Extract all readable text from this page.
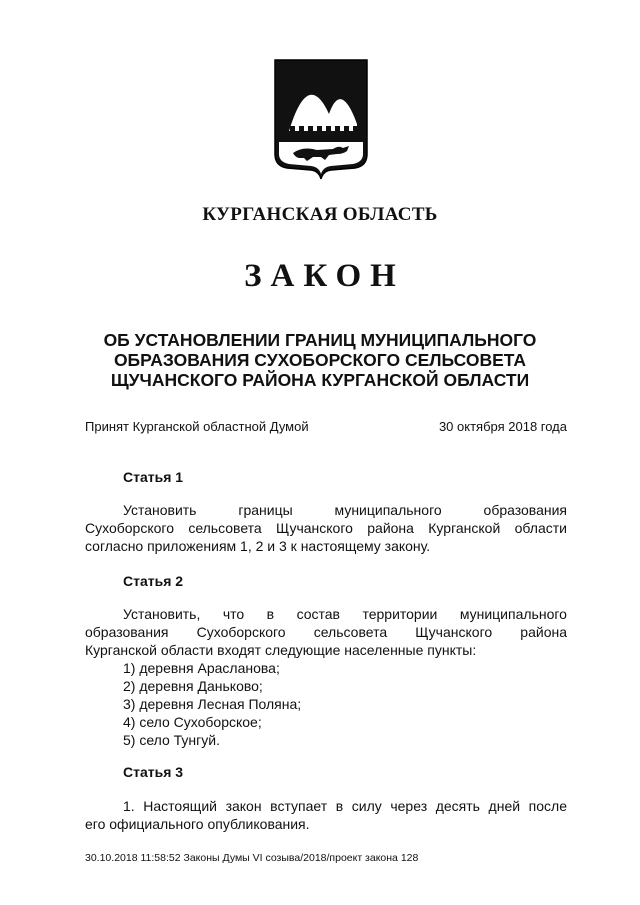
КУРГАНСКАЯ ОБЛАСТЬ
ЗАКОН
ОБ УСТАНОВЛЕНИИ ГРАНИЦ МУНИЦИПАЛЬНОГО
ОБРАЗОВАНИЯ СУХОБОРСКОГО СЕЛЬСОВЕТА
ЩУЧАНСКОГО РАЙОНА КУРГАНСКОЙ ОБЛАСТИ
Принят Курганской областной Думой	30 октября 2018 года
Статья 1
Установить	границы	муниципального	образования
Сухоборского сельсовета Щучанского района Курганской области
согласно приложениям 1, 2 и 3 к настоящему закону.
Статья 2
Установить, что в состав территории муниципального
образования Сухоборского сельсовета Щучанского района
Курганской области входят следующие населенные пункты:
1) деревня Арасланова;
2) деревня Даньково;
3) деревня Лесная Поляна;
4) село Сухоборское;
5) село Тунгуй.
Статья 3
1. Настоящий закон вступает в силу через десять дней после
его официального опубликования.
30.10.2018 11:58:52 Законы Думы VI созыва/2018/проект закона 128
